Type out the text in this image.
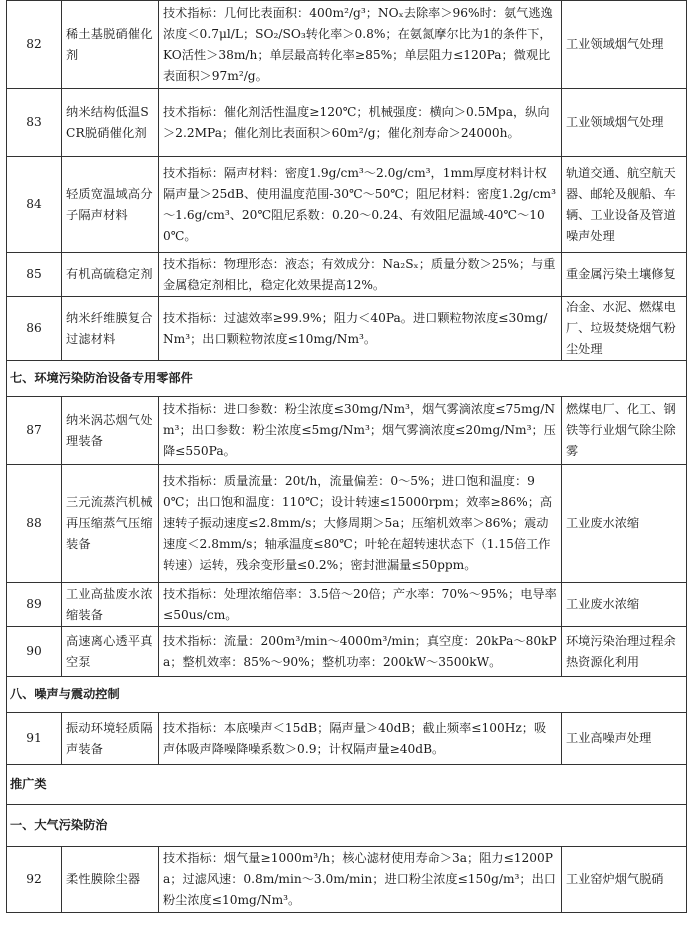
82	稀土基脱硝催化剂	技术指标：几何比表面积：400m²/g³；NOₓ去除率＞96%时：氨气逃逸浓度＜0.7μl/L；SO₂/SO₃转化率＞0.8%；在氨氮摩尔比为1的条件下，KO活性＞38m/h；单层最高转化率≥85%；单层阻力≤120Pa；微观比表面积＞97m²/g。	工业领域烟气处理
83	纳米结构低温SCR脱硝催化剂	技术指标：催化剂活性温度≥120℃；机械强度：横向＞0.5Mpa，纵向＞2.2MPa；催化剂比表面积＞60m²/g；催化剂寿命＞24000h。	工业领域烟气处理
84	轻质宽温域高分子隔声材料	技术指标：隔声材料：密度1.9g/cm³～2.0g/cm³，1mm厚度材料计权隔声量＞25dB、使用温度范围-30℃～50℃；阻尼材料：密度1.2g/cm³～1.6g/cm³、20℃阻尼系数：0.20～0.24、有效阻尼温域-40℃～100℃。	轨道交通、航空航天器、邮轮及舰船、车辆、工业设备及管道噪声处理
85	有机高硫稳定剂	技术指标：物理形态：液态；有效成分：Na₂Sₓ；质量分数＞25%；与重金属稳定剂相比，稳定化效果提高12%。	重金属污染土壤修复
86	纳米纤维膜复合过滤材料	技术指标：过滤效率≥99.9%；阻力＜40Pa。进口颗粒物浓度≤30mg/Nm³；出口颗粒物浓度≤10mg/Nm³。	冶金、水泥、燃煤电厂、垃圾焚烧烟气粉尘处理
七、环境污染防治设备专用零部件			
87	纳米涡芯烟气处理装备	技术指标：进口参数：粉尘浓度≤30mg/Nm³，烟气雾滴浓度≤75mg/Nm³；出口参数：粉尘浓度≤5mg/Nm³；烟气雾滴浓度≤20mg/Nm³；压降≤550Pa。	燃煤电厂、化工、钢铁等行业烟气除尘除雾
88	三元流蒸汽机械再压缩蒸气压缩装备	技术指标：质量流量：20t/h，流量偏差：0～5%；进口饱和温度：90℃；出口饱和温度：110℃；设计转速≤15000rpm；效率≥86%；高速转子振动速度≤2.8mm/s；大修周期＞5a；压缩机效率＞86%；震动速度＜2.8mm/s；轴承温度≤80℃；叶轮在超转速状态下（1.15倍工作转速）运转，残余变形量≤0.2%；密封泄漏量≤50ppm。	工业废水浓缩
89	工业高盐废水浓缩装备	技术指标：处理浓缩倍率：3.5倍～20倍；产水率：70%～95%；电导率≤50us/cm。	工业废水浓缩
90	高速离心透平真空泵	技术指标：流量：200m³/min～4000m³/min；真空度：20kPa～80kPa；整机效率：85%～90%；整机功率：200kW～3500kW。	环境污染治理过程余热资源化利用
八、噪声与震动控制			
91	振动环境轻质隔声装备	技术指标：本底噪声＜15dB；隔声量＞40dB；截止频率≤100Hz；吸声体吸声降噪降噪系数＞0.9；计权隔声量≥40dB。	工业高噪声处理
推广类			
一、大气污染防治			
92	柔性膜除尘器	技术指标：烟气量≥1000m³/h；核心滤材使用寿命＞3a；阻力≤1200Pa；过滤风速：0.8m/min～3.0m/min；进口粉尘浓度≤150g/m³；出口粉尘浓度≤10mg/Nm³。	工业窑炉烟气脱硝
